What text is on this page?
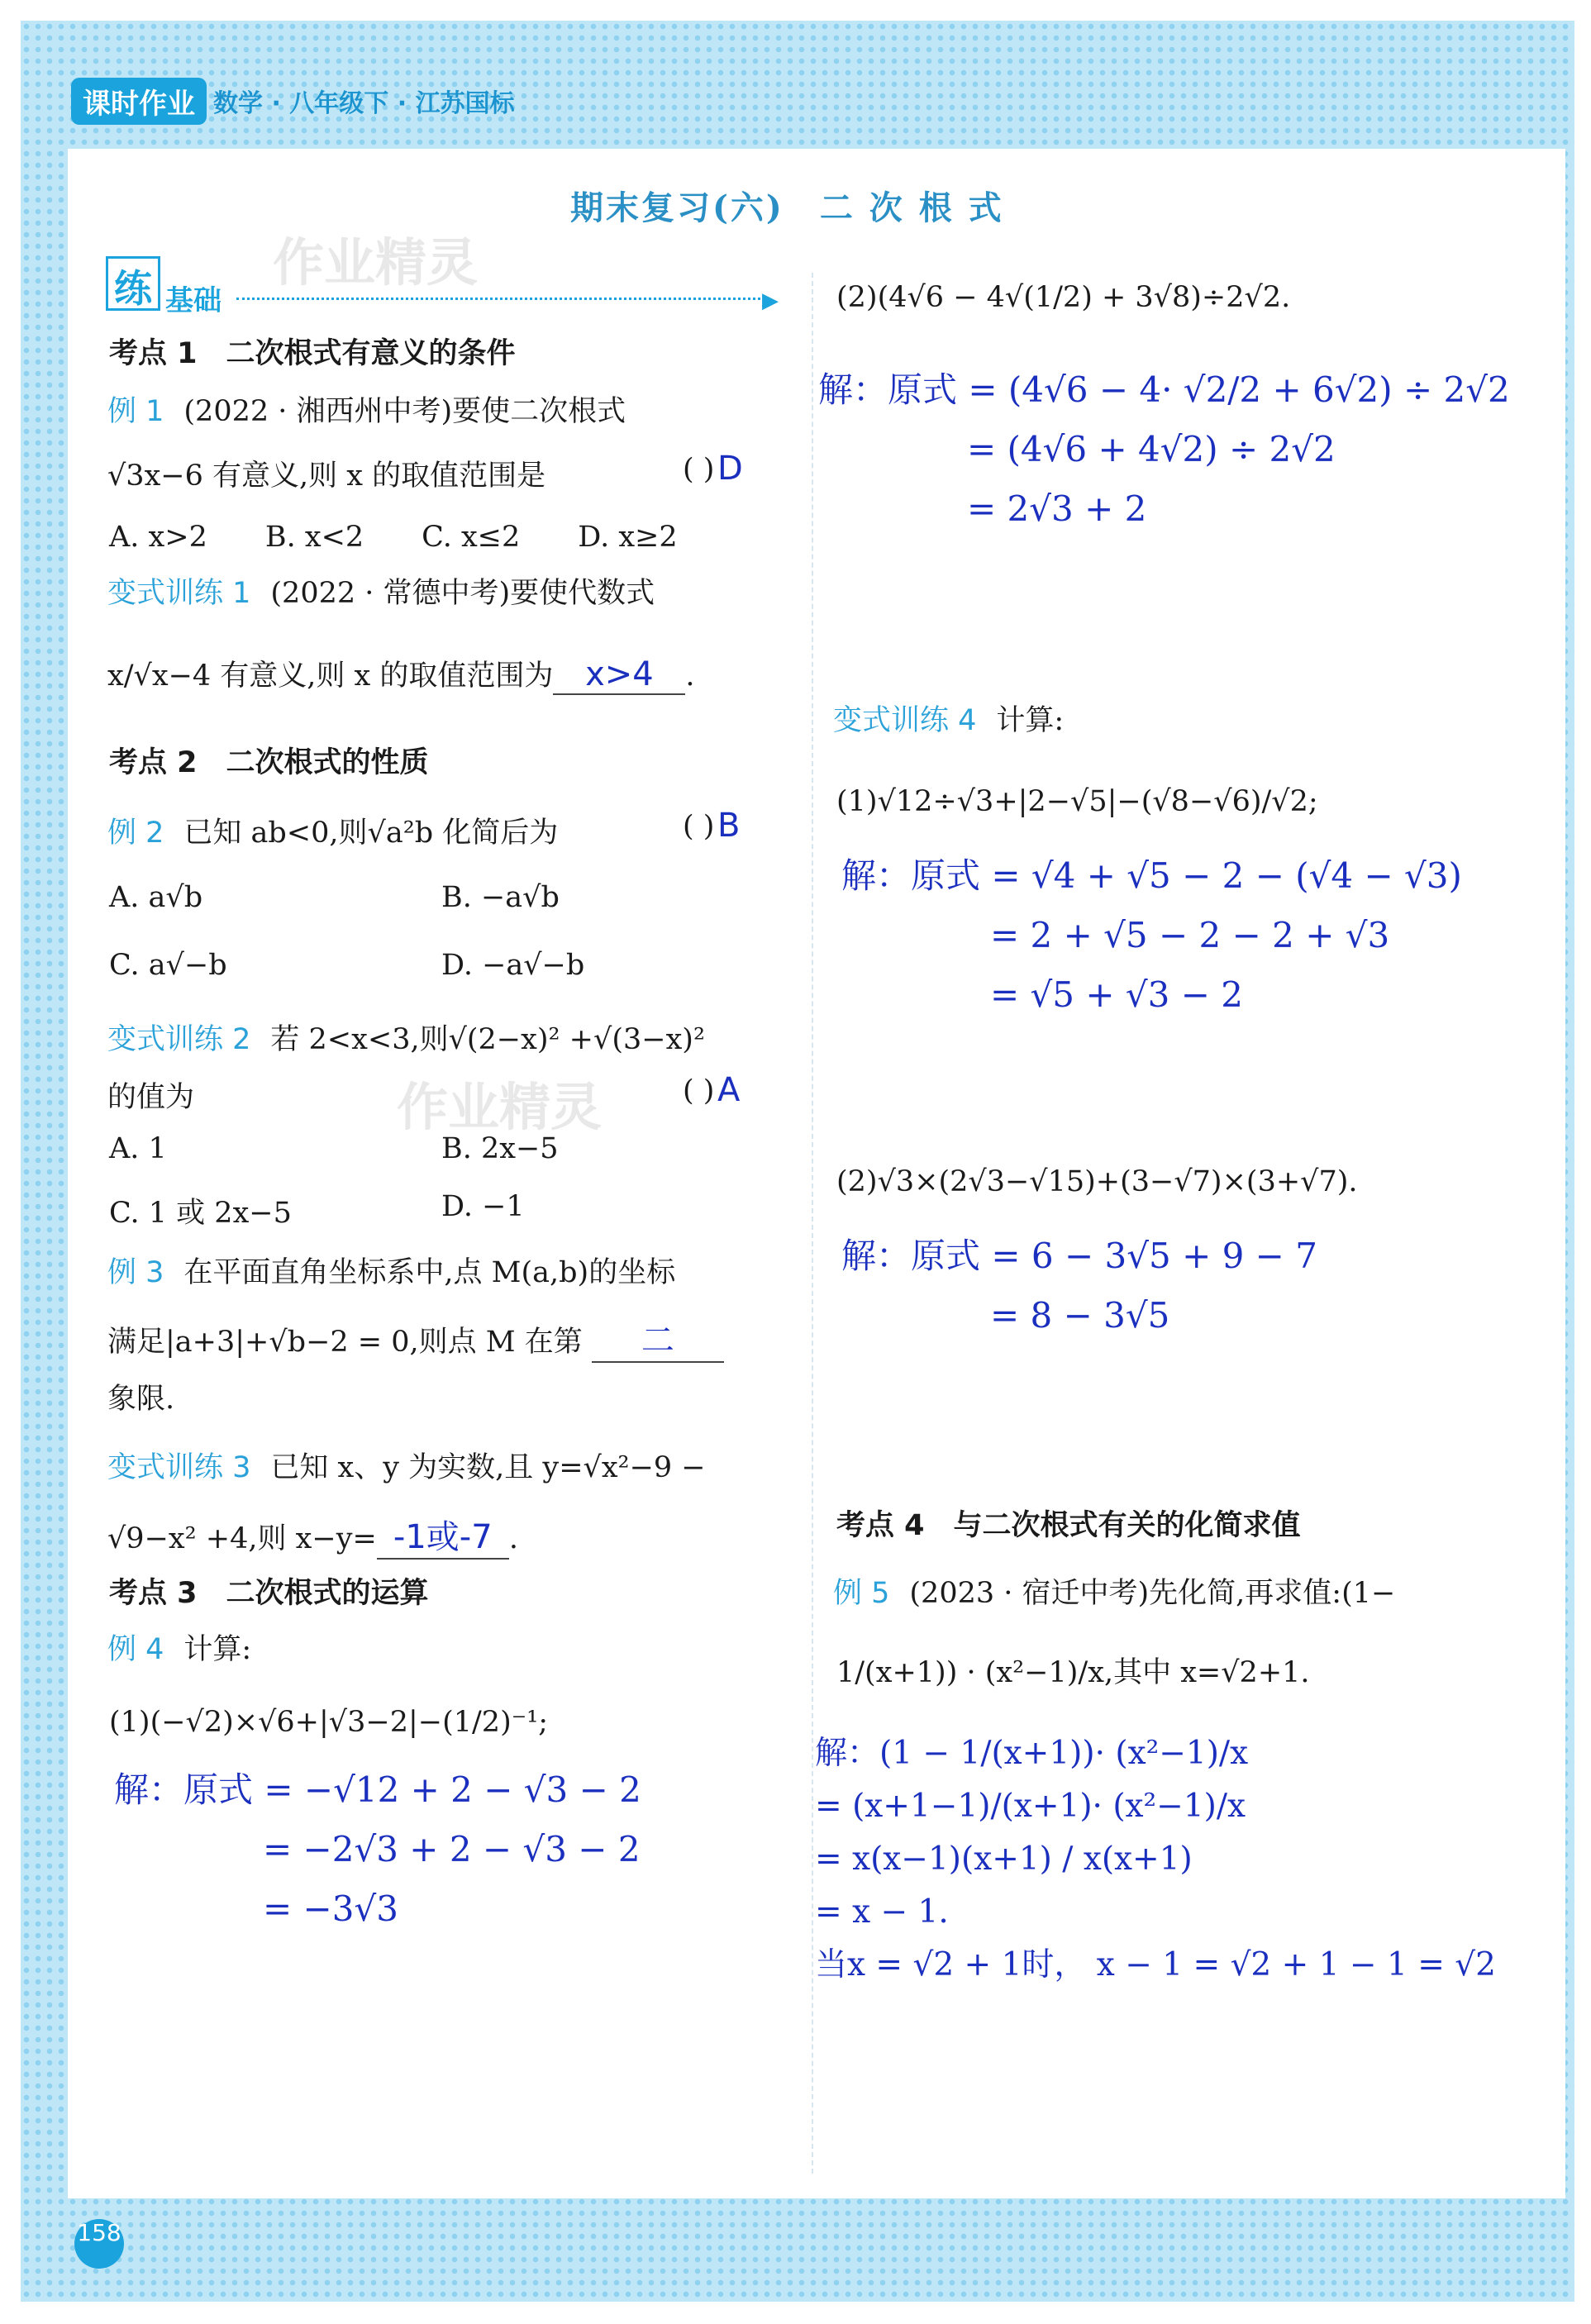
课时作业 数学 · 八年级下 · 江苏国标
期末复习(六)　二 次 根 式
作业精灵
作业精灵
练 基础	▶
考点 1　二次根式有意义的条件
例 1 (2022 · 湘西州中考)要使二次根式
√3x−6 有意义,则 x 的取值范围是	( ) D
A. x>2　　B. x<2　　C. x≤2　　D. x≥2
变式训练 1 (2022 · 常德中考)要使代数式
x/√x−4 有意义,则 x 的取值范围为 x>4 .
考点 2　二次根式的性质
例 2 已知 ab<0,则√a²b 化简后为	( ) B
A. a√b	B. −a√b
C. a√−b	D. −a√−b
变式训练 2 若 2<x<3,则√(2−x)² +√(3−x)²
的值为	( ) A
A. 1	B. 2x−5
C. 1 或 2x−5	D. −1
例 3 在平面直角坐标系中,点 M(a,b)的坐标
满足|a+3|+√b−2 = 0,则点 M 在第 二
象限.
变式训练 3 已知 x、y 为实数,且 y=√x²−9 −
√9−x² +4,则 x−y= -1或-7 .
考点 3　二次根式的运算
例 4 计算:
(1)(−√2)×√6+|√3−2|−(1/2)⁻¹;
解：原式 = −√12 + 2 − √3 − 2
= −2√3 + 2 − √3 − 2
= −3√3
(2)(4√6 − 4√(1/2) + 3√8)÷2√2.
解：原式 = (4√6 − 4· √2/2 + 6√2) ÷ 2√2
= (4√6 + 4√2) ÷ 2√2
= 2√3 + 2
变式训练 4 计算:
(1)√12÷√3+|2−√5|−(√8−√6)/√2;
解：原式 = √4 + √5 − 2 − (√4 − √3)
= 2 + √5 − 2 − 2 + √3
= √5 + √3 − 2
(2)√3×(2√3−√15)+(3−√7)×(3+√7).
解：原式 = 6 − 3√5 + 9 − 7
= 8 − 3√5
考点 4　与二次根式有关的化简求值
例 5 (2023 · 宿迁中考)先化简,再求值:(1−
1/(x+1)) · (x²−1)/x,其中 x=√2+1.
解：(1 − 1/(x+1))· (x²−1)/x
= (x+1−1)/(x+1)· (x²−1)/x
= x(x−1)(x+1) / x(x+1)
= x − 1.
当x = √2 + 1时， x − 1 = √2 + 1 − 1 = √2
158
